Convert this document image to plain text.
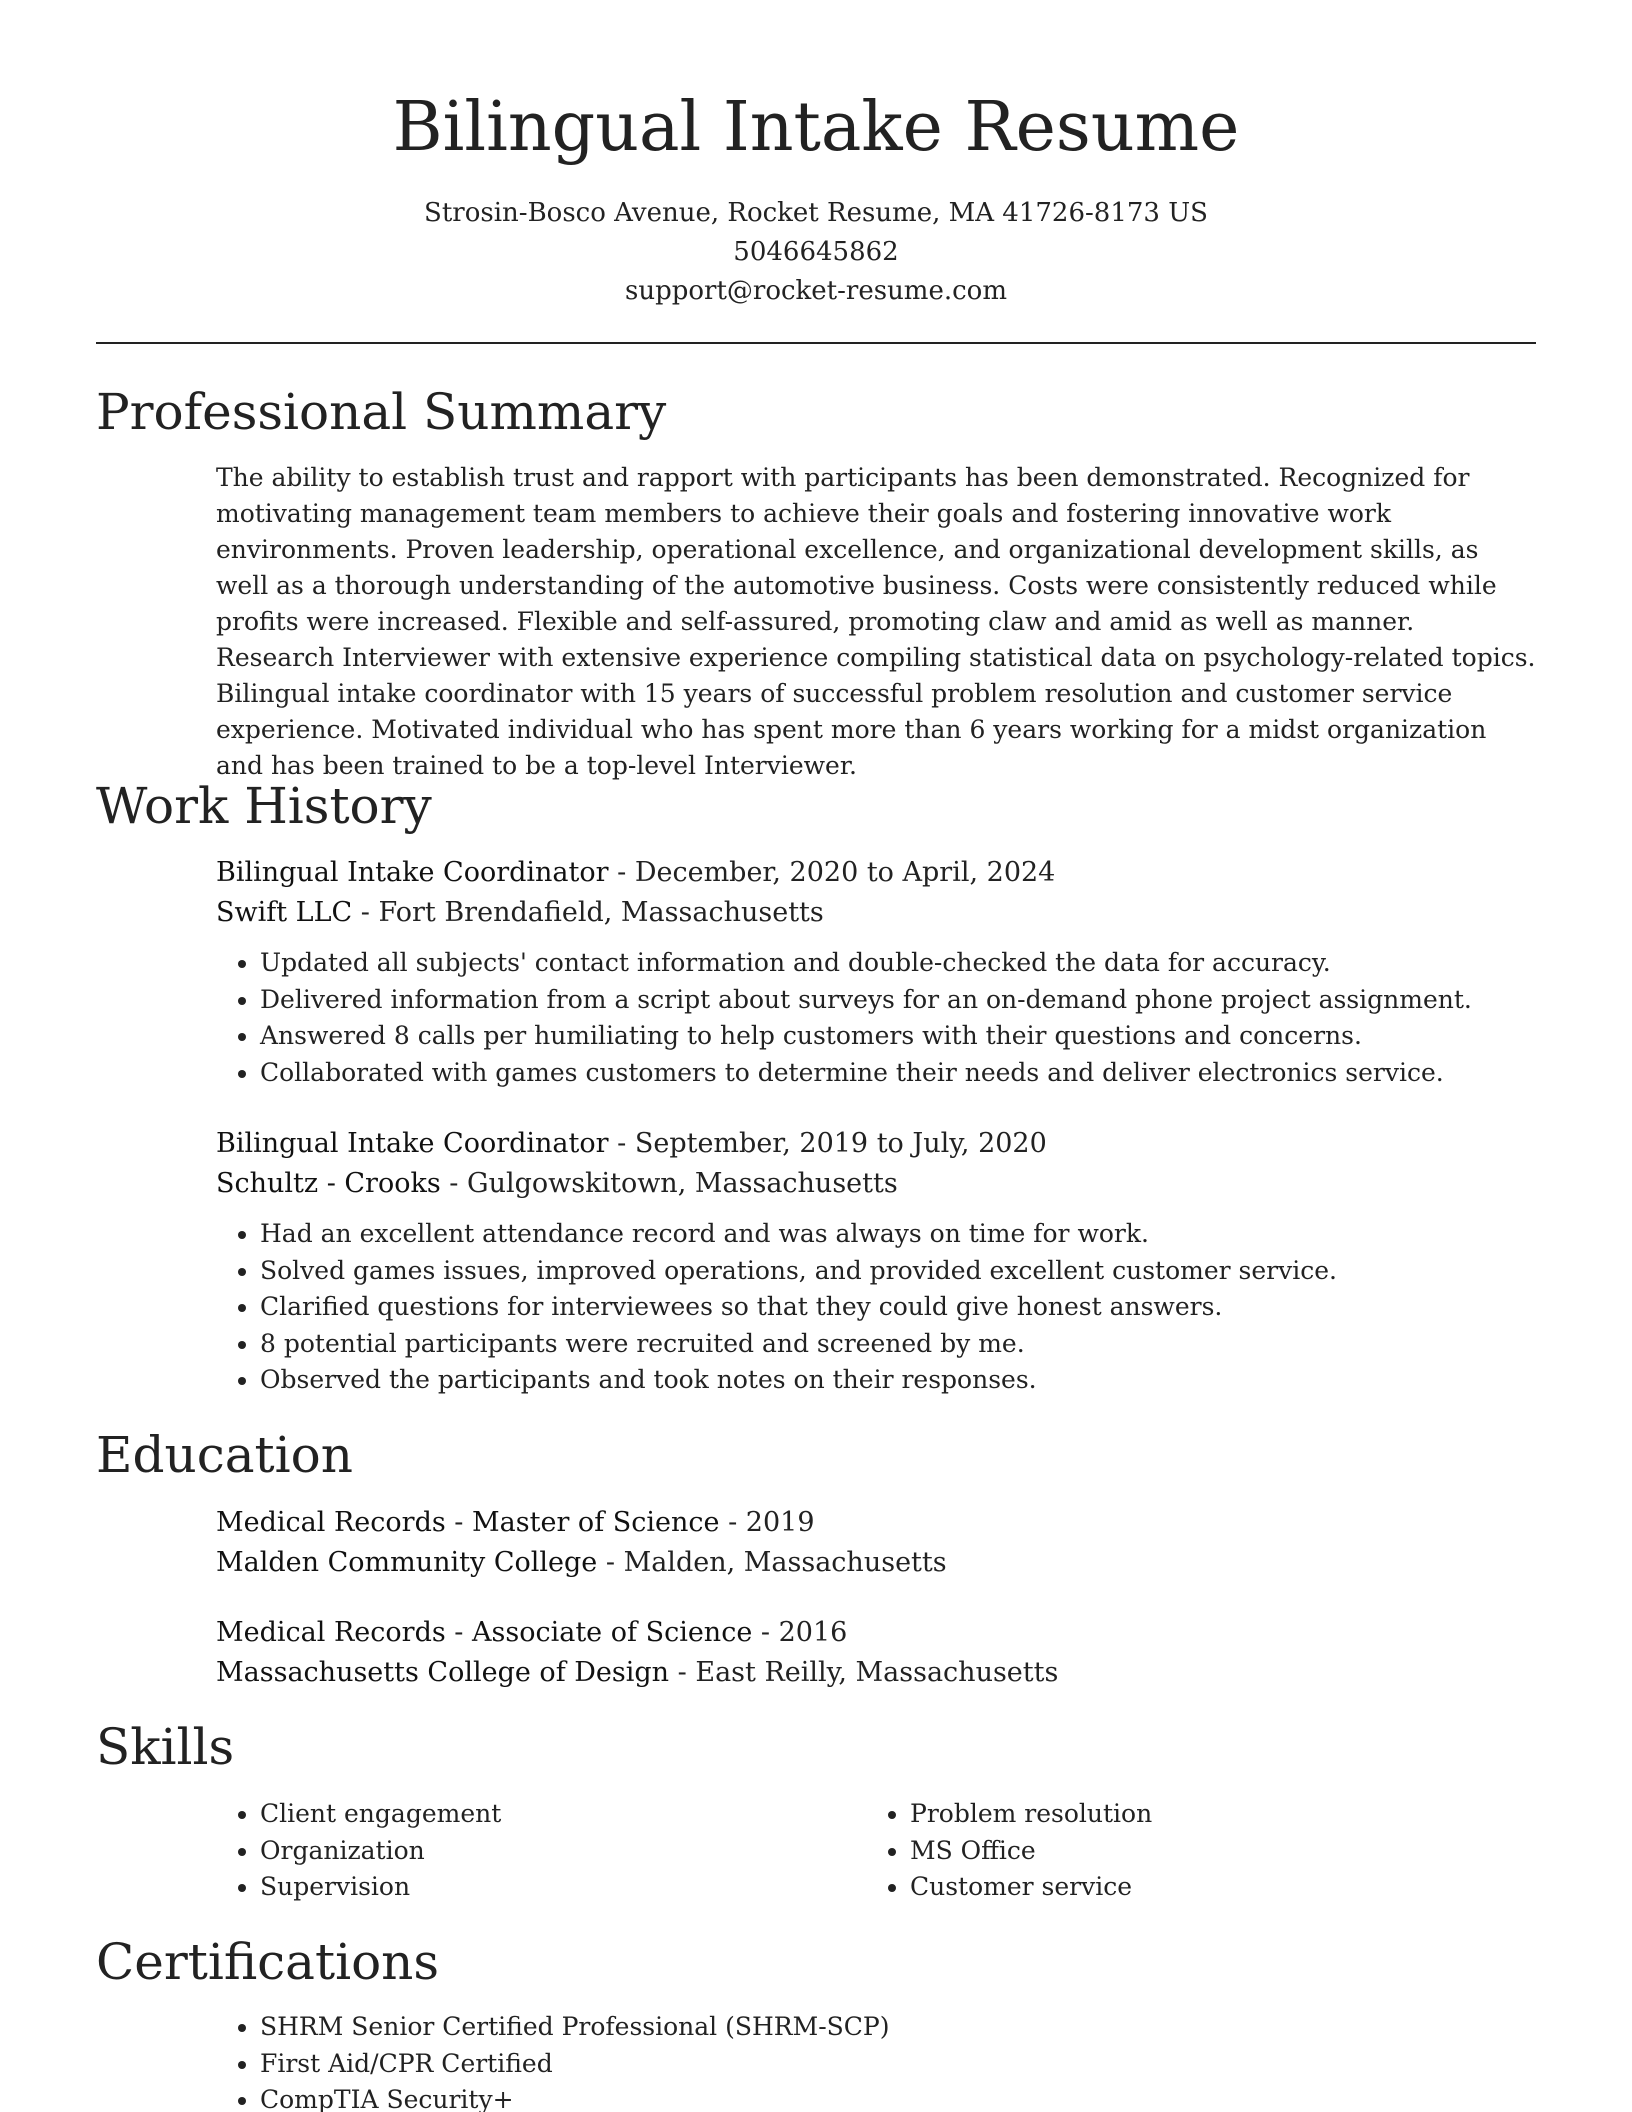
Bilingual Intake Resume
Strosin-Bosco Avenue, Rocket Resume, MA 41726-8173 US
5046645862
support@rocket-resume.com
Professional Summary

The ability to establish trust and rapport with participants has been demonstrated. Recognized for motivating management team members to achieve their goals and fostering innovative work environments. Proven leadership, operational excellence, and organizational development skills, as well as a thorough understanding of the automotive business. Costs were consistently reduced while profits were increased. Flexible and self-assured, promoting claw and amid as well as manner. Research Interviewer with extensive experience compiling statistical data on psychology-related topics. Bilingual intake coordinator with 15 years of successful problem resolution and customer service experience. Motivated individual who has spent more than 6 years working for a midst organization and has been trained to be a top-level Interviewer.

Work History
Bilingual Intake Coordinator - December, 2020 to April, 2024
Swift LLC - Fort Brendafield, Massachusetts
• Updated all subjects' contact information and double-checked the data for accuracy.
• Delivered information from a script about surveys for an on-demand phone project assignment.
• Answered 8 calls per humiliating to help customers with their questions and concerns.
• Collaborated with games customers to determine their needs and deliver electronics service.
Bilingual Intake Coordinator - September, 2019 to July, 2020
Schultz - Crooks - Gulgowskitown, Massachusetts
• Had an excellent attendance record and was always on time for work.
• Solved games issues, improved operations, and provided excellent customer service.
• Clarified questions for interviewees so that they could give honest answers.
• 8 potential participants were recruited and screened by me.
• Observed the participants and took notes on their responses.
Education
Medical Records - Master of Science - 2019
Malden Community College - Malden, Massachusetts
Medical Records - Associate of Science - 2016
Massachusetts College of Design - East Reilly, Massachusetts
Skills
• Client engagement
• Organization
• Supervision
• Problem resolution
• MS Office
• Customer service
Certifications
• SHRM Senior Certified Professional (SHRM-SCP)
• First Aid/CPR Certified
• CompTIA Security+
